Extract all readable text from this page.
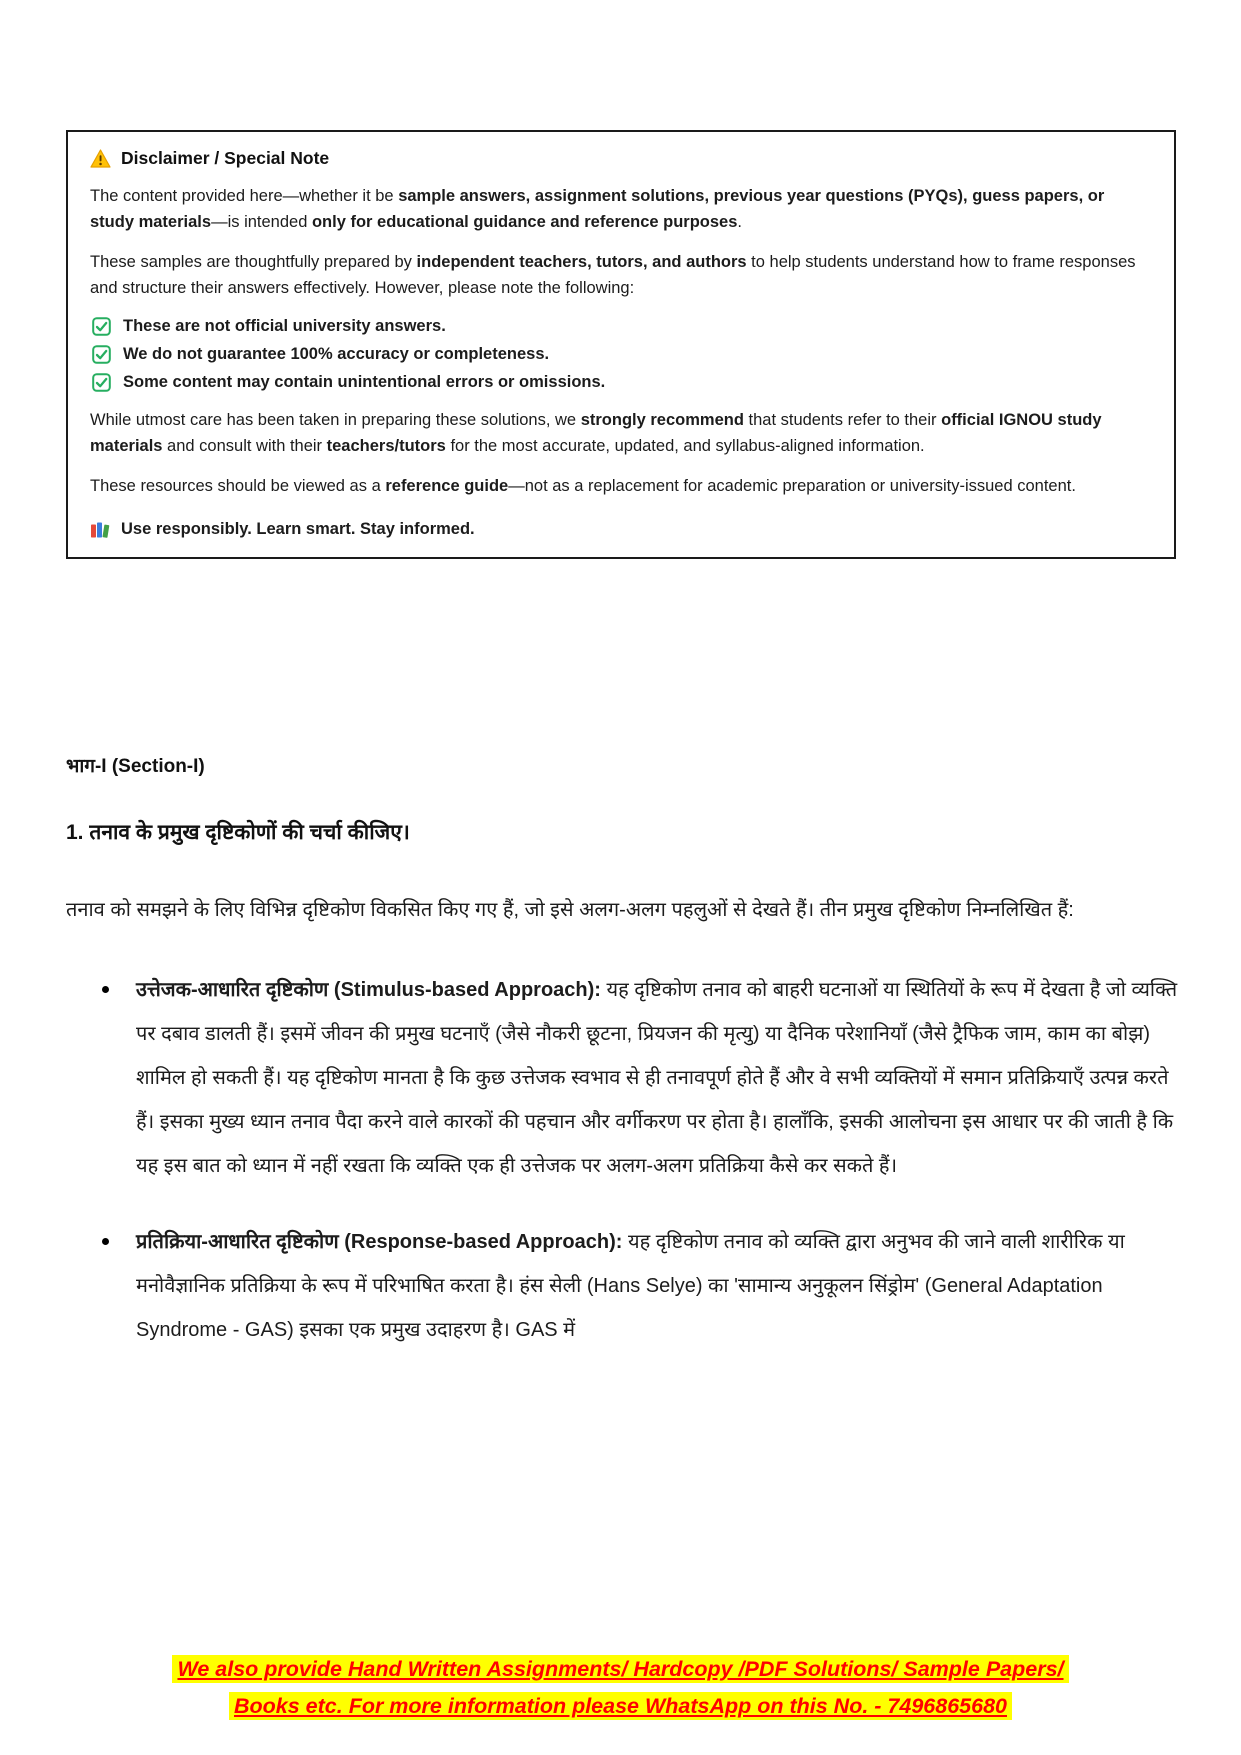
Disclaimer / Special Note

The content provided here—whether it be sample answers, assignment solutions, previous year questions (PYQs), guess papers, or study materials—is intended only for educational guidance and reference purposes.

These samples are thoughtfully prepared by independent teachers, tutors, and authors to help students understand how to frame responses and structure their answers effectively. However, please note the following:

These are not official university answers.
We do not guarantee 100% accuracy or completeness.
Some content may contain unintentional errors or omissions.

While utmost care has been taken in preparing these solutions, we strongly recommend that students refer to their official IGNOU study materials and consult with their teachers/tutors for the most accurate, updated, and syllabus-aligned information.

These resources should be viewed as a reference guide—not as a replacement for academic preparation or university-issued content.

Use responsibly. Learn smart. Stay informed.
भाग-I (Section-I)
1. तनाव के प्रमुख दृष्टिकोणों की चर्चा कीजिए।

तनाव को समझने के लिए विभिन्न दृष्टिकोण विकसित किए गए हैं, जो इसे अलग-अलग पहलुओं से देखते हैं। तीन प्रमुख दृष्टिकोण निम्नलिखित हैं:

उत्तेजक-आधारित दृष्टिकोण (Stimulus-based Approach): यह दृष्टिकोण तनाव को बाहरी घटनाओं या स्थितियों के रूप में देखता है जो व्यक्ति पर दबाव डालती हैं। इसमें जीवन की प्रमुख घटनाएँ (जैसे नौकरी छूटना, प्रियजन की मृत्यु) या दैनिक परेशानियाँ (जैसे ट्रैफिक जाम, काम का बोझ) शामिल हो सकती हैं। यह दृष्टिकोण मानता है कि कुछ उत्तेजक स्वभाव से ही तनावपूर्ण होते हैं और वे सभी व्यक्तियों में समान प्रतिक्रियाएँ उत्पन्न करते हैं। इसका मुख्य ध्यान तनाव पैदा करने वाले कारकों की पहचान और वर्गीकरण पर होता है। हालाँकि, इसकी आलोचना इस आधार पर की जाती है कि यह इस बात को ध्यान में नहीं रखता कि व्यक्ति एक ही उत्तेजक पर अलग-अलग प्रतिक्रिया कैसे कर सकते हैं।
प्रतिक्रिया-आधारित दृष्टिकोण (Response-based Approach): यह दृष्टिकोण तनाव को व्यक्ति द्वारा अनुभव की जाने वाली शारीरिक या मनोवैज्ञानिक प्रतिक्रिया के रूप में परिभाषित करता है। हंस सेली (Hans Selye) का 'सामान्य अनुकूलन सिंड्रोम' (General Adaptation Syndrome - GAS) इसका एक प्रमुख उदाहरण है। GAS में
We also provide Hand Written Assignments/ Hardcopy /PDF Solutions/ Sample Papers/
Books etc. For more information please WhatsApp on this No. - 7496865680
